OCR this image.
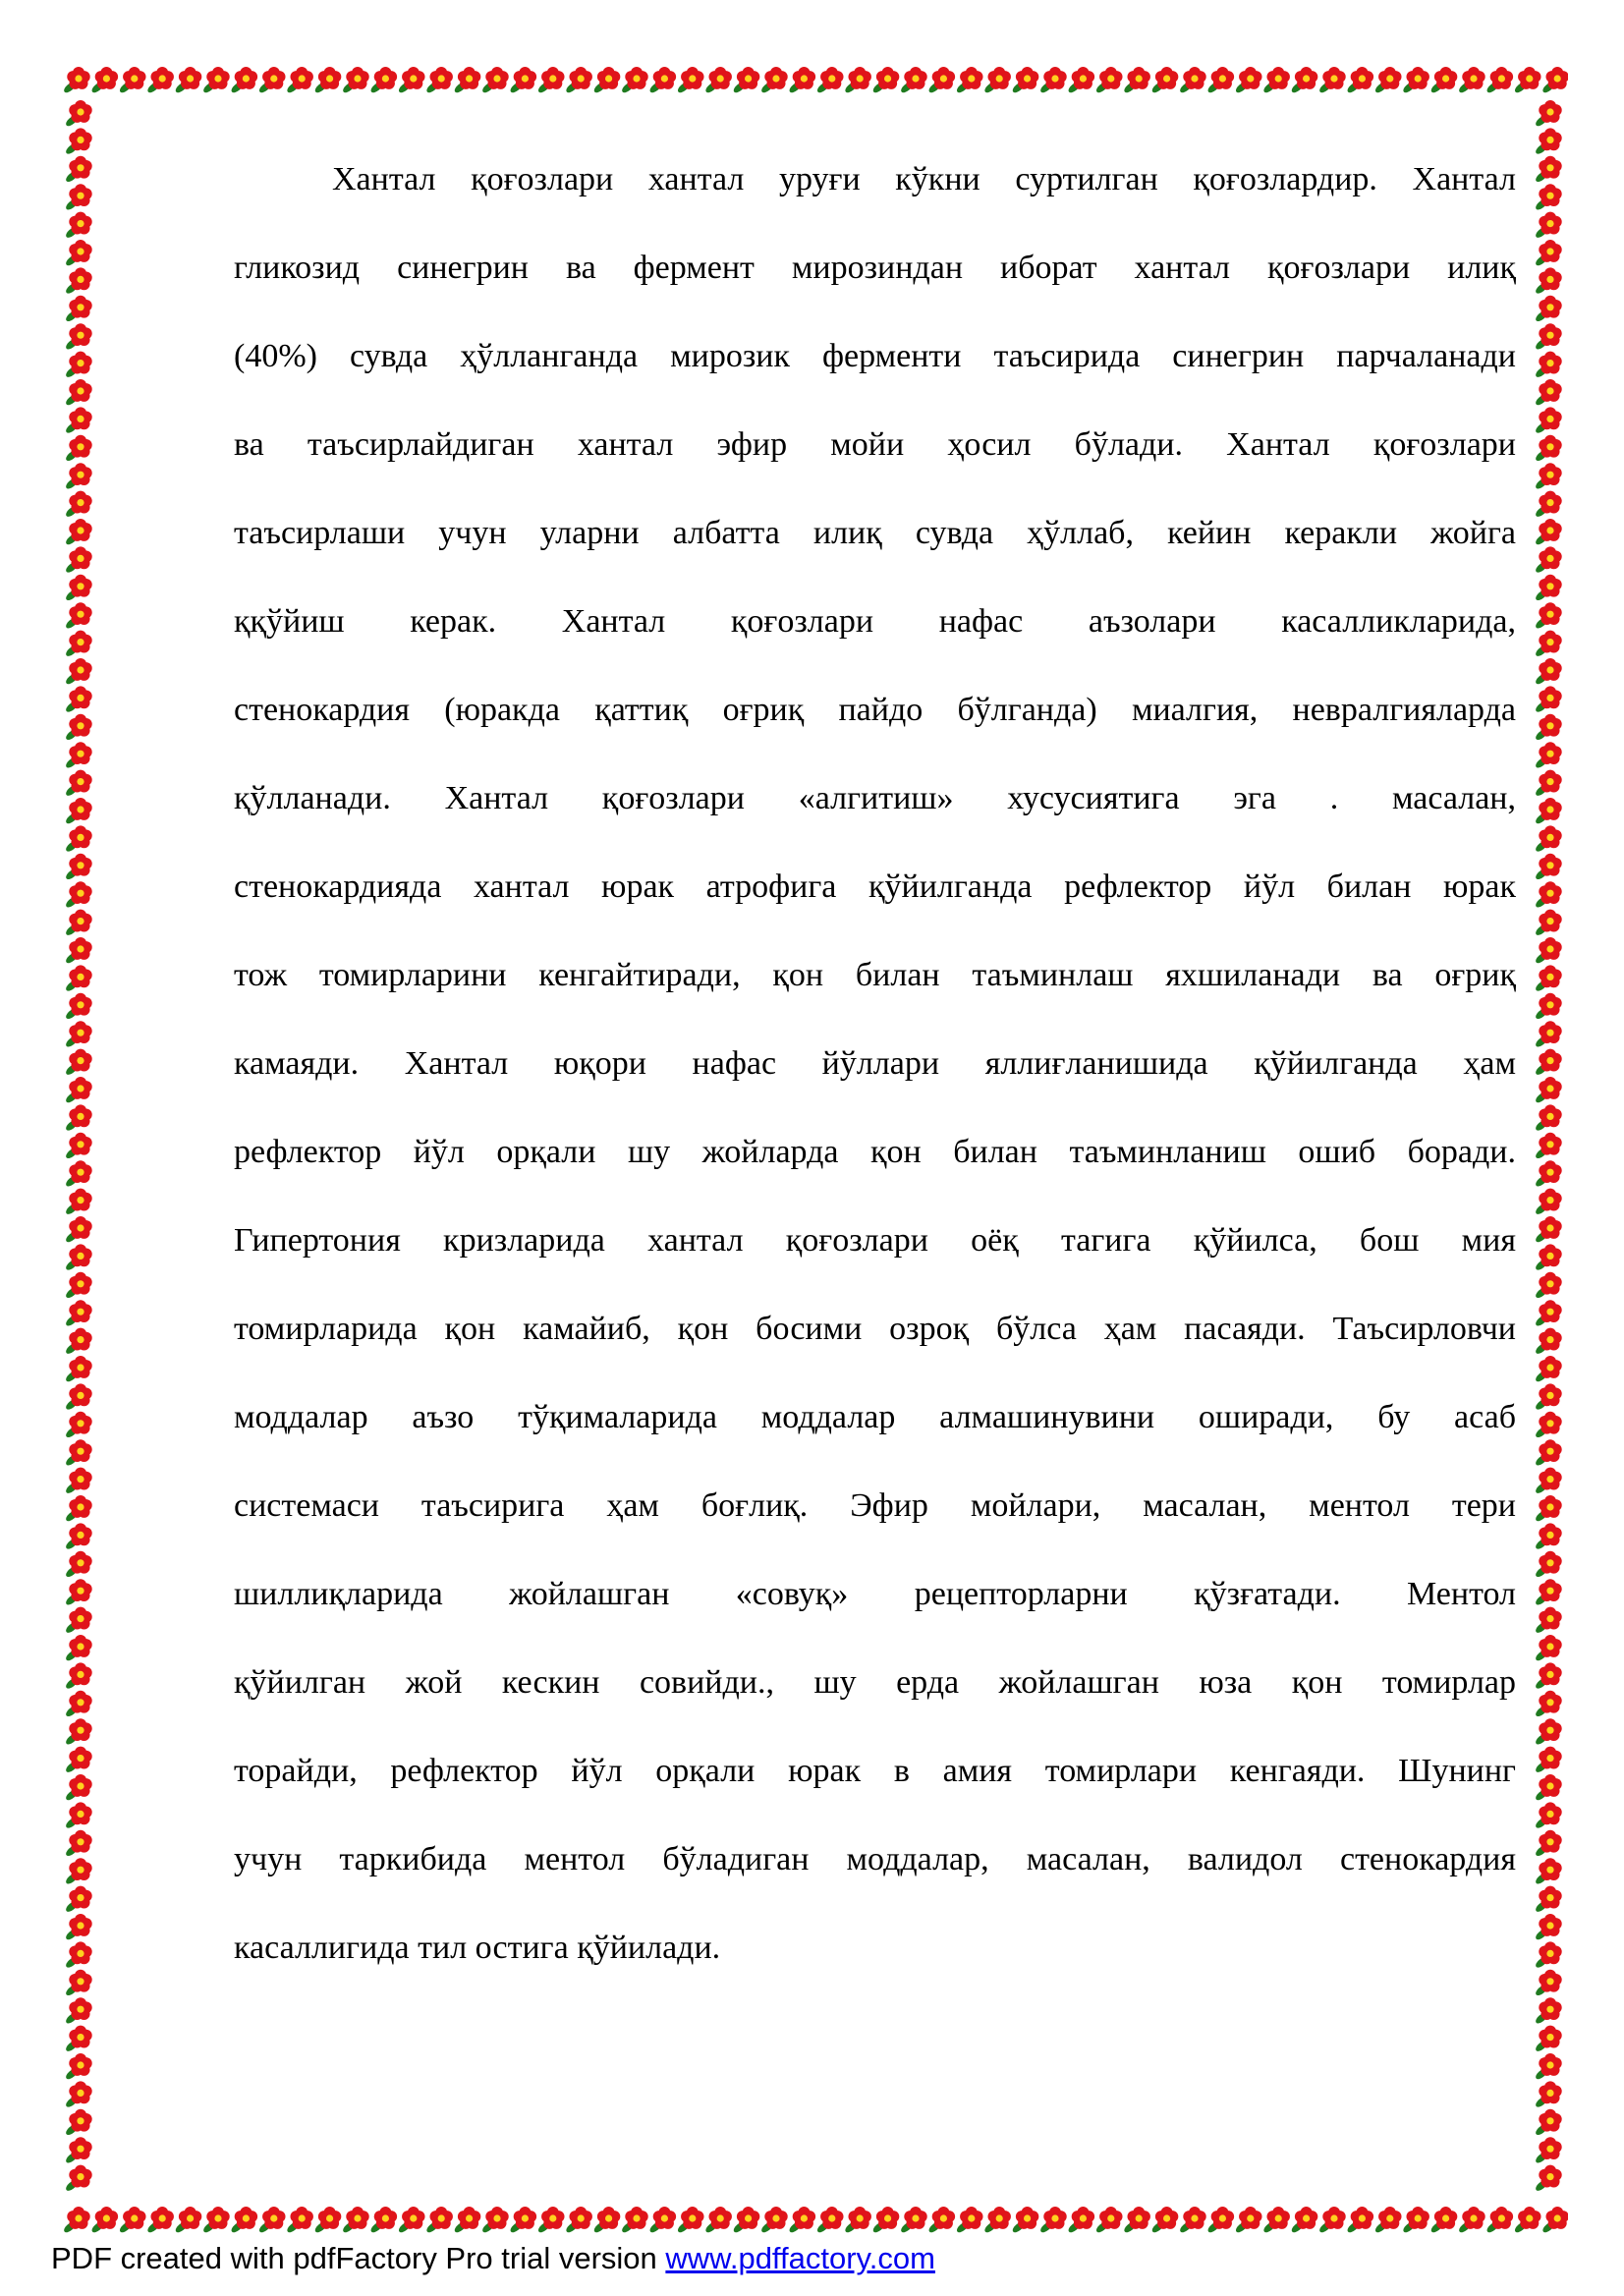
Хантал қоғозлари хантал уруғи кўкни суртилган қоғозлардир. Хантал
гликозид синегрин ва фермент мирозиндан иборат хантал қоғозлари илиқ
(40%) сувда ҳўлланганда мирозик ферменти таъсирида синегрин парчаланади
ва таъсирлайдиган хантал эфир мойи ҳосил бўлади. Хантал қоғозлари
таъсирлаши учун уларни албатта илиқ сувда ҳўллаб, кейин керакли жойга
ққўйиш керак. Хантал қоғозлари нафас аъзолари касалликларида,
стенокардия (юракда қаттиқ оғриқ пайдо бўлганда) миалгия, невралгияларда
қўлланади. Хантал қоғозлари «алгитиш» хусусиятига эга . масалан,
стенокардияда хантал юрак атрофига қўйилганда рефлектор йўл билан юрак
тож томирларини кенгайтиради, қон билан таъминлаш яхшиланади ва оғриқ
камаяди. Хантал юқори нафас йўллари яллиғланишида қўйилганда ҳам
рефлектор йўл орқали шу жойларда қон билан таъминланиш ошиб боради.
Гипертония кризларида хантал қоғозлари оёқ тагига қўйилса, бош мия
томирларида қон камайиб, қон босими озроқ бўлса ҳам пасаяди. Таъсирловчи
моддалар аъзо тўқималарида моддалар алмашинувини оширади, бу асаб
системаси таъсирига ҳам боғлиқ. Эфир мойлари, масалан, ментол тери
шиллиқларида жойлашган «совуқ» рецепторларни қўзғатади. Ментол
қўйилган жой кескин совийди., шу ерда жойлашган юза қон томирлар
торайди, рефлектор йўл орқали юрак в амия томирлари кенгаяди. Шунинг
учун таркибида ментол бўладиган моддалар, масалан, валидол стенокардия
касаллигида тил остига қўйилади.
PDF created with pdfFactory Pro trial version www.pdffactory.com
